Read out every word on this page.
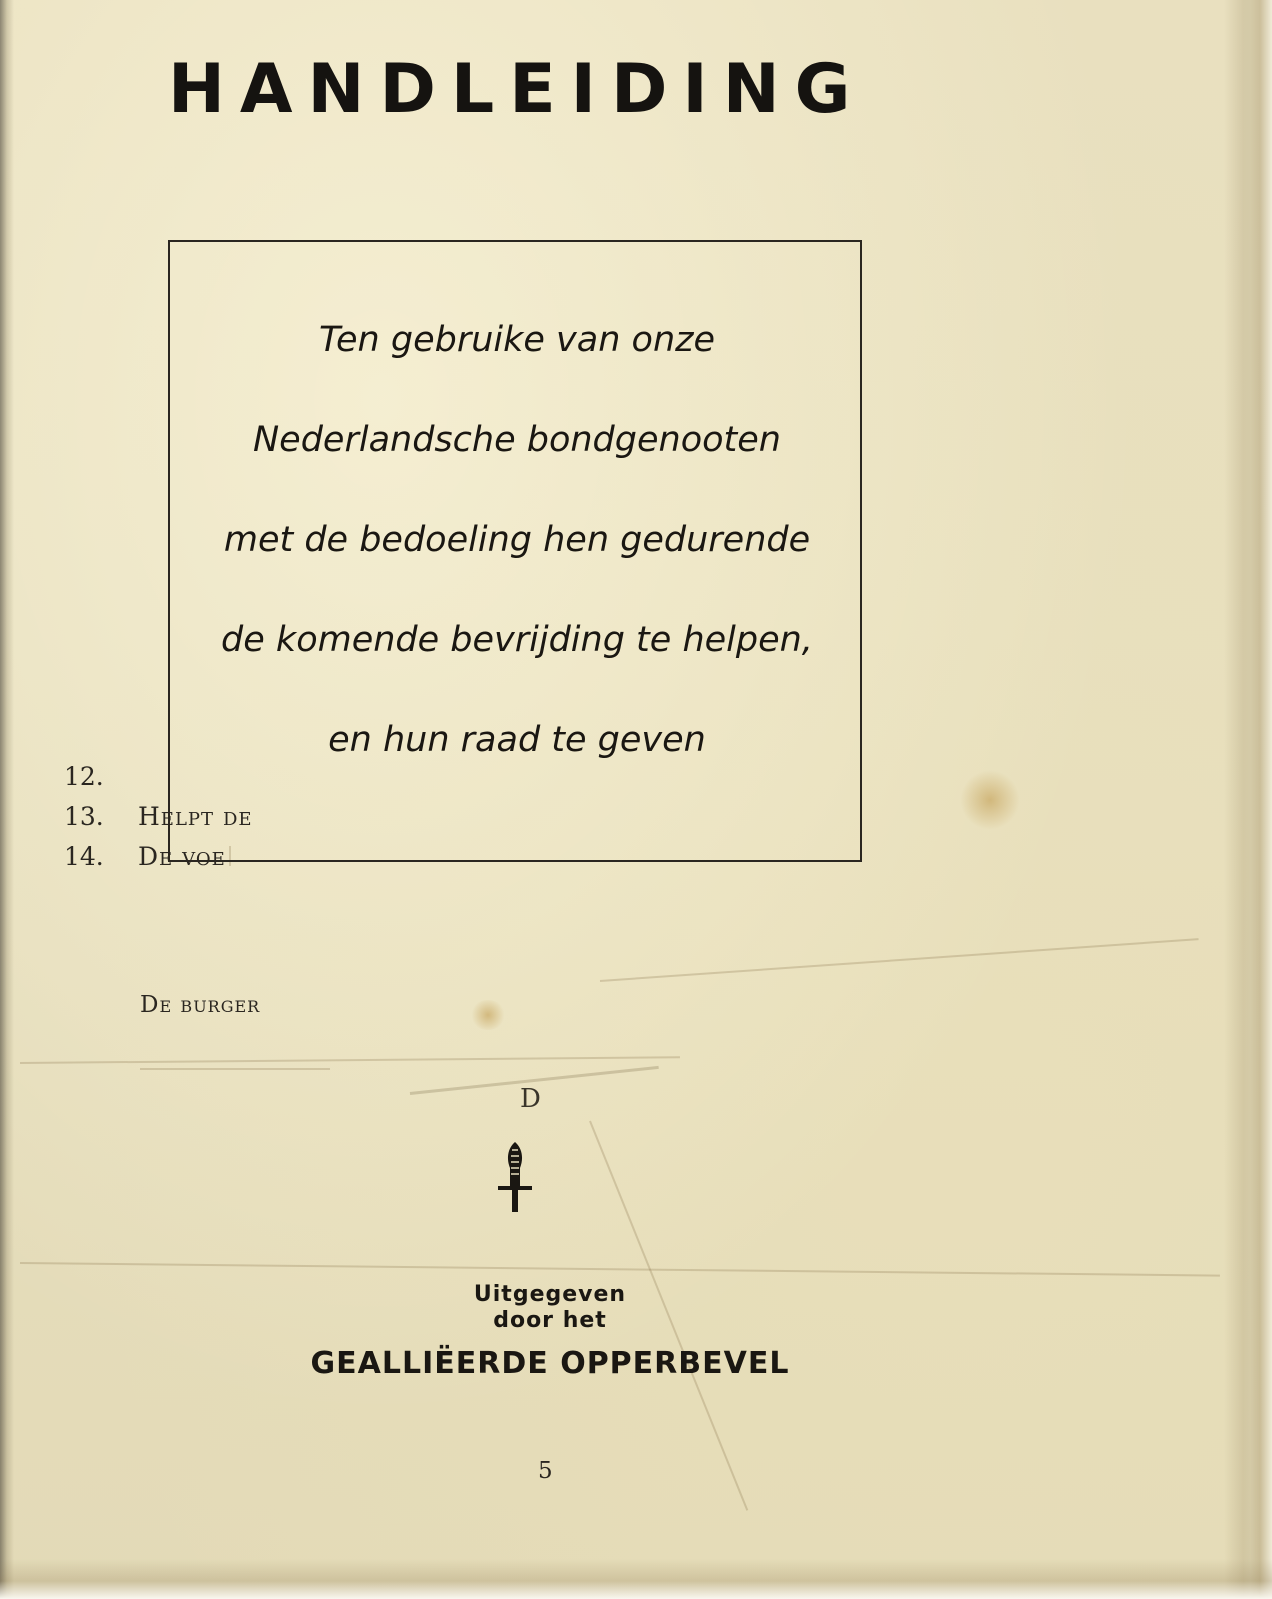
HANDLEIDING
Ten gebruike van onze
Nederlandsche bondgenooten
met de bedoeling hen gedurende
de komende bevrijding te helpen,
en hun raad te geven
12.
13. Helpt de
14. De voe
De burger
D
Uitgegeven
door het
GEALLIËERDE OPPERBEVEL
5
